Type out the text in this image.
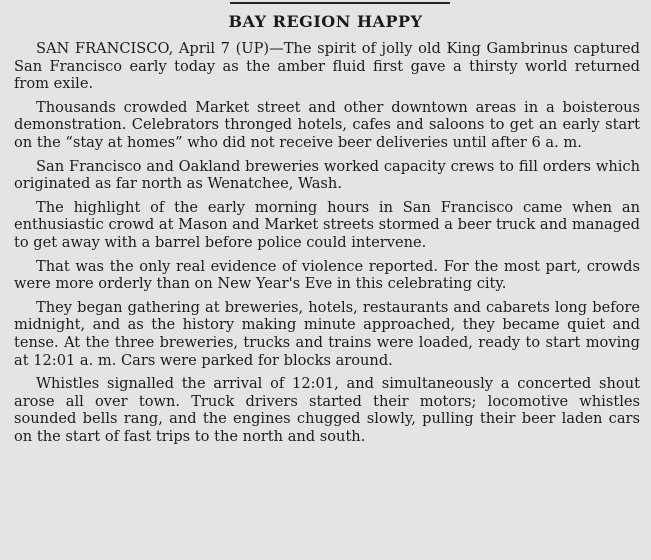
BAY REGION HAPPY

SAN FRANCISCO, April 7 (UP)—The spirit of jolly old King Gambrinus captured San Francisco early today as the amber fluid first gave a thirsty world returned from exile.

Thousands crowded Market street and other downtown areas in a boisterous demonstration. Celebrators thronged hotels, cafes and saloons to get an early start on the “stay at homes” who did not receive beer deliveries until after 6 a. m.

San Francisco and Oakland breweries worked capacity crews to fill orders which originated as far north as Wenatchee, Wash.

The highlight of the early morning hours in San Francisco came when an enthusiastic crowd at Mason and Market streets stormed a beer truck and managed to get away with a barrel before police could intervene.

That was the only real evidence of violence reported. For the most part, crowds were more orderly than on New Year's Eve in this celebrating city.

They began gathering at breweries, hotels, restaurants and cabarets long before midnight, and as the history making minute approached, they became quiet and tense. At the three breweries, trucks and trains were loaded, ready to start moving at 12:01 a. m. Cars were parked for blocks around.

Whistles signalled the arrival of 12:01, and simultaneously a concerted shout arose all over town. Truck drivers started their motors; locomotive whistles sounded bells rang, and the engines chugged slowly, pulling their beer laden cars on the start of fast trips to the north and south.
